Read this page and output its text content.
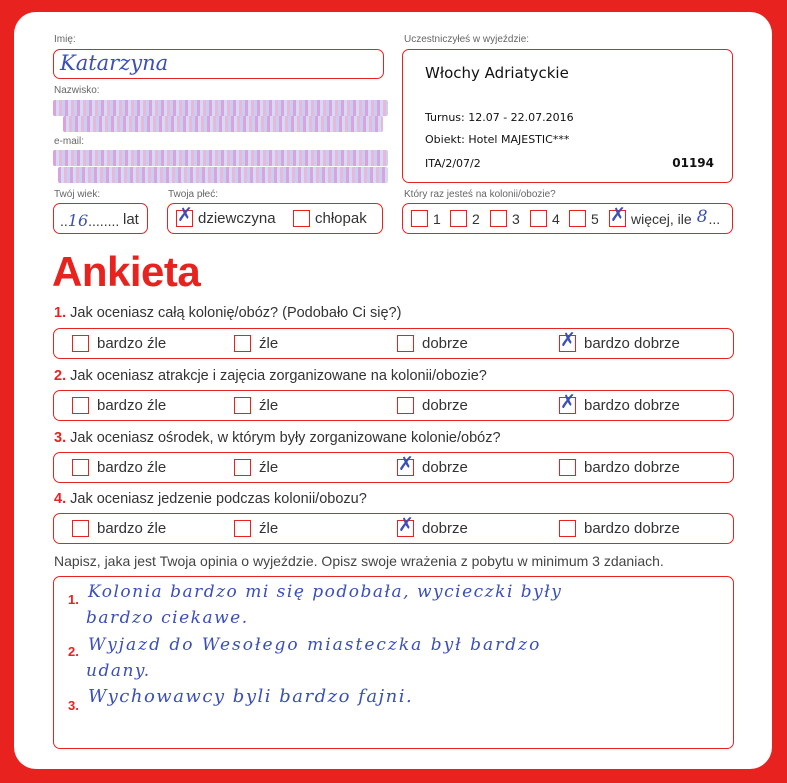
Imię:
Katarzyna
Nazwisko:
e-mail:
Twój wiek:
..16........ lat
Twoja płeć:
✗ dziewczyna	chłopak
Uczestniczyłeś w wyjeździe:
Włochy Adriatyckie
Turnus: 12.07 - 22.07.2016
Obiekt: Hotel MAJESTIC***
ITA/2/07/2	01194
Który raz jesteś na kolonii/obozie?
1 2 3 4 5 ✗ więcej, ile 8 ...
Ankieta
1. Jak oceniasz całą kolonię/obóz? (Podobało Ci się?)
bardzo źle	źle	dobrze	✗ bardzo dobrze
2. Jak oceniasz atrakcje i zajęcia zorganizowane na kolonii/obozie?
bardzo źle	źle	dobrze	✗ bardzo dobrze
3. Jak oceniasz ośrodek, w którym były zorganizowane kolonie/obóz?
bardzo źle	źle	✗ dobrze	bardzo dobrze
4. Jak oceniasz jedzenie podczas kolonii/obozu?
bardzo źle	źle	✗ dobrze	bardzo dobrze
Napisz, jaka jest Twoja opinia o wyjeździe. Opisz swoje wrażenia z pobytu w minimum 3 zdaniach.
1. Kolonia bardzo mi się podobała, wycieczki były
bardzo ciekawe.
2. Wyjazd do Wesołego miasteczka był bardzo
udany.
3. Wychowawcy byli bardzo fajni.
